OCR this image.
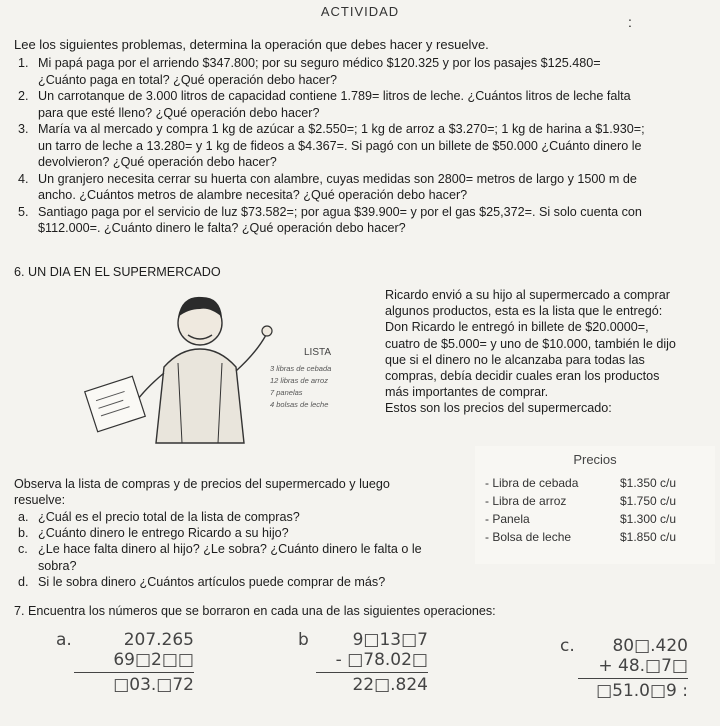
ACTIVIDAD
:
Lee los siguientes problemas, determina la operación que debes hacer y resuelve.
1. Mi papá paga por el arriendo $347.800; por su seguro médico $120.325 y por los pasajes $125.480=
¿Cuánto paga en total? ¿Qué operación debo hacer?
2. Un carrotanque de 3.000 litros de capacidad contiene 1.789= litros de leche. ¿Cuántos litros de leche falta
para que esté lleno? ¿Qué operación debo hacer?
3. María va al mercado y compra 1 kg de azúcar a $2.550=; 1 kg de arroz a $3.270=; 1 kg de harina a $1.930=;
un tarro de leche a 13.280= y 1 kg de fideos a $4.367=. Si pagó con un billete de $50.000 ¿Cuánto dinero le
devolvieron? ¿Qué operación debo hacer?
4. Un granjero necesita cerrar su huerta con alambre, cuyas medidas son 2800= metros de largo y 1500 m de
ancho. ¿Cuántos metros de alambre necesita? ¿Qué operación debo hacer?
5. Santiago paga por el servicio de luz $73.582=; por agua $39.900= y por el gas $25,372=. Si solo cuenta con
$112.000=. ¿Cuánto dinero le falta? ¿Qué operación debo hacer?
6. UN DIA EN EL SUPERMERCADO
LISTA
3 libras de cebada
12 libras de arroz
7 panelas
4 bolsas de leche
Ricardo envió a su hijo al supermercado a comprar
algunos productos, esta es la lista que le entregó:
Don Ricardo le entregó in billete de $20.0000=,
cuatro de $5.000= y uno de $10.000, también le dijo
que si el dinero no le alcanzaba para todas las
compras, debía decidir cuales eran los productos
más importantes de comprar.
Estos son los precios del supermercado:
Precios
- Libra de cebada	$1.350 c/u
- Libra de arroz	$1.750 c/u
- Panela	$1.300 c/u
- Bolsa de leche	$1.850 c/u
Observa la lista de compras y de precios del supermercado y luego
resuelve:
a. ¿Cuál es el precio total de la lista de compras?
b. ¿Cuánto dinero le entrego Ricardo a su hijo?
c. ¿Le hace falta dinero al hijo? ¿Le sobra? ¿Cuánto dinero le falta o le
sobra?
d. Si le sobra dinero ¿Cuántos artículos puede comprar de más?
7. Encuentra los números que se borraron en cada una de las siguientes operaciones:
a.	207.265
69□2□□
□03.□72
b	9□13□7
- □78.02□
22□.824
c.	80□.420
+ 48.□7□
□51.0□9 :
